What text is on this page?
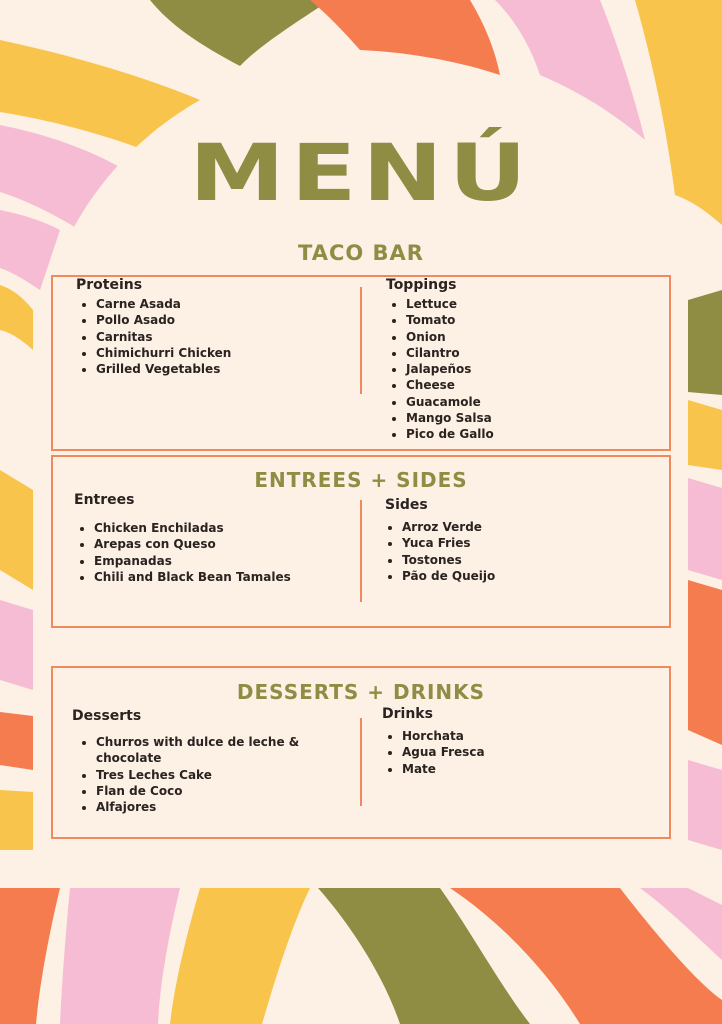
MENÚ
TACO BAR
Proteins
• Carne Asada
• Pollo Asado
• Carnitas
• Chimichurri Chicken
• Grilled Vegetables
Toppings
• Lettuce
• Tomato
• Onion
• Cilantro
• Jalapeños
• Cheese
• Guacamole
• Mango Salsa
• Pico de Gallo
ENTREES + SIDES
Entrees
• Chicken Enchiladas
• Arepas con Queso
• Empanadas
• Chili and Black Bean Tamales
Sides
• Arroz Verde
• Yuca Fries
• Tostones
• Pão de Queijo
DESSERTS + DRINKS
Desserts
• Churros with dulce de leche & chocolate
• Tres Leches Cake
• Flan de Coco
• Alfajores
Drinks
• Horchata
• Agua Fresca
• Mate
